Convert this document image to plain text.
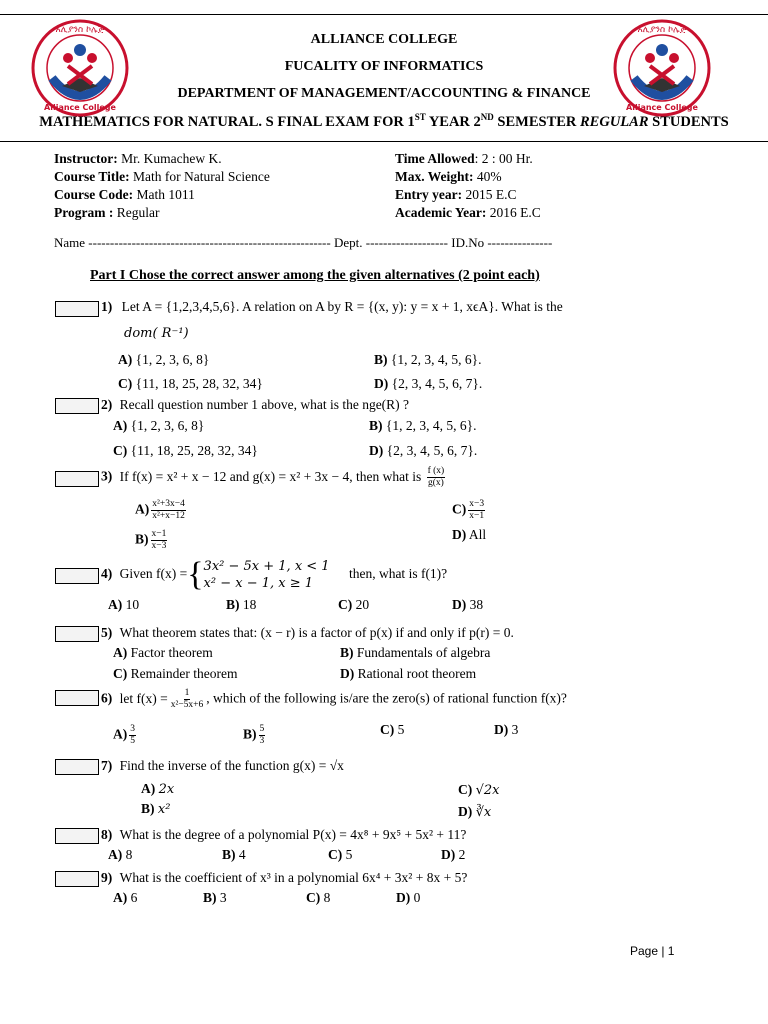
አሊያንስ ኮሌጅ
Alliance College
አሊያንስ ኮሌጅ
Alliance College
ALLIANCE COLLEGE
FUCALITY OF INFORMATICS
DEPARTMENT OF MANAGEMENT/ACCOUNTING & FINANCE
MATHEMATICS FOR NATURAL. S FINAL EXAM FOR 1ST YEAR 2ND SEMESTER REGULAR STUDENTS
Instructor: Mr. Kumachew K.
Course Title: Math for Natural Science
Course Code: Math 1011
Program : Regular
Time Allowed: 2 : 00 Hr.
Max. Weight: 40%
Entry year: 2015 E.C
Academic Year: 2016 E.C
Name -------------------------------------------------------- Dept. ------------------- ID.No ---------------
Part I Chose the correct answer among the given alternatives (2 point each)
1) Let A = {1,2,3,4,5,6}. A relation on A by R = {(x, y): y = x + 1, xϵA}. What is the
dom( R⁻¹)
A) {1, 2, 3, 6, 8}	B) {1, 2, 3, 4, 5, 6}.
C) {11, 18, 25, 28, 32, 34}	D) {2, 3, 4, 5, 6, 7}.
2) Recall question number 1 above, what is the nge(R) ?
A) {1, 2, 3, 6, 8}	B) {1, 2, 3, 4, 5, 6}.
C) {11, 18, 25, 28, 32, 34}	D) {2, 3, 4, 5, 6, 7}.
3) If f(x) = x² + x − 12 and g(x) = x² + 3x − 4, then what is $\frac{f (x)}{g(x)}$
$A) \frac{\text{x²+3x−4}}{\text{x²+x−12}}$
$B) \frac{x-1}{x-3}$
$C) \frac{x-3}{x-1}$
D) All
4) Given f(x) ={ 3x² − 5x + 1, x < 1
x² − x − 1, x ≥ 1
then, what is f(1)?
A) 10	B) 18	C) 20	D) 38
5) What theorem states that: (x − r) is a factor of p(x) if and only if p(r) = 0.
A) Factor theorem	B) Fundamentals of algebra
C) Remainder theorem	D) Rational root theorem
6) let $f(x) = \frac{1}{\text{x²−5x+6}}$ , which of the following is/are the zero(s) of rational function f(x)?
$A) \frac{3}{5}$	$B) \frac{5}{3}$	C) 5	D) 3
7) Find the inverse of the function g(x) = √x
A) 2x
B) x²
C) √2x
D) ∛x
8) What is the degree of a polynomial P(x) = 4x⁸ + 9x⁵ + 5x² + 11?
A) 8	B) 4	C) 5	D) 2
9) What is the coefficient of x³ in a polynomial 6x⁴ + 3x² + 8x + 5?
A) 6	B) 3	C) 8	D) 0
Page | 1
